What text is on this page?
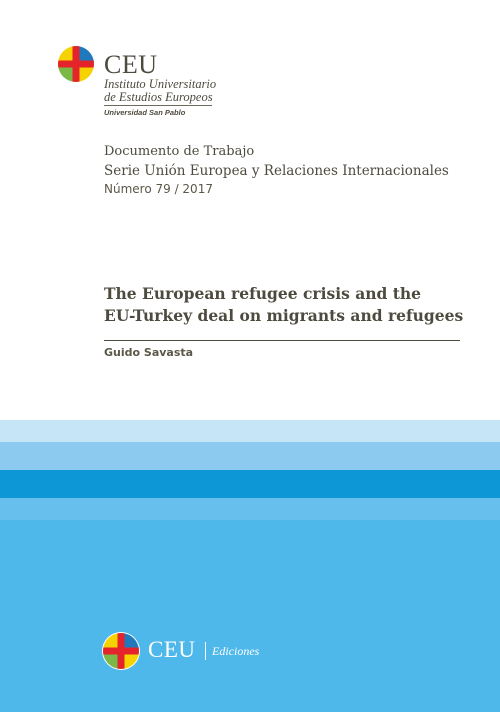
CEU

Instituto Universitario

de Estudios Europeos

Universidad San Pablo

Documento de Trabajo

Serie Unión Europea y Relaciones Internacionales

Número 79 / 2017

The European refugee crisis and the
EU-Turkey deal on migrants and refugees
Guido Savasta
CEU Ediciones
